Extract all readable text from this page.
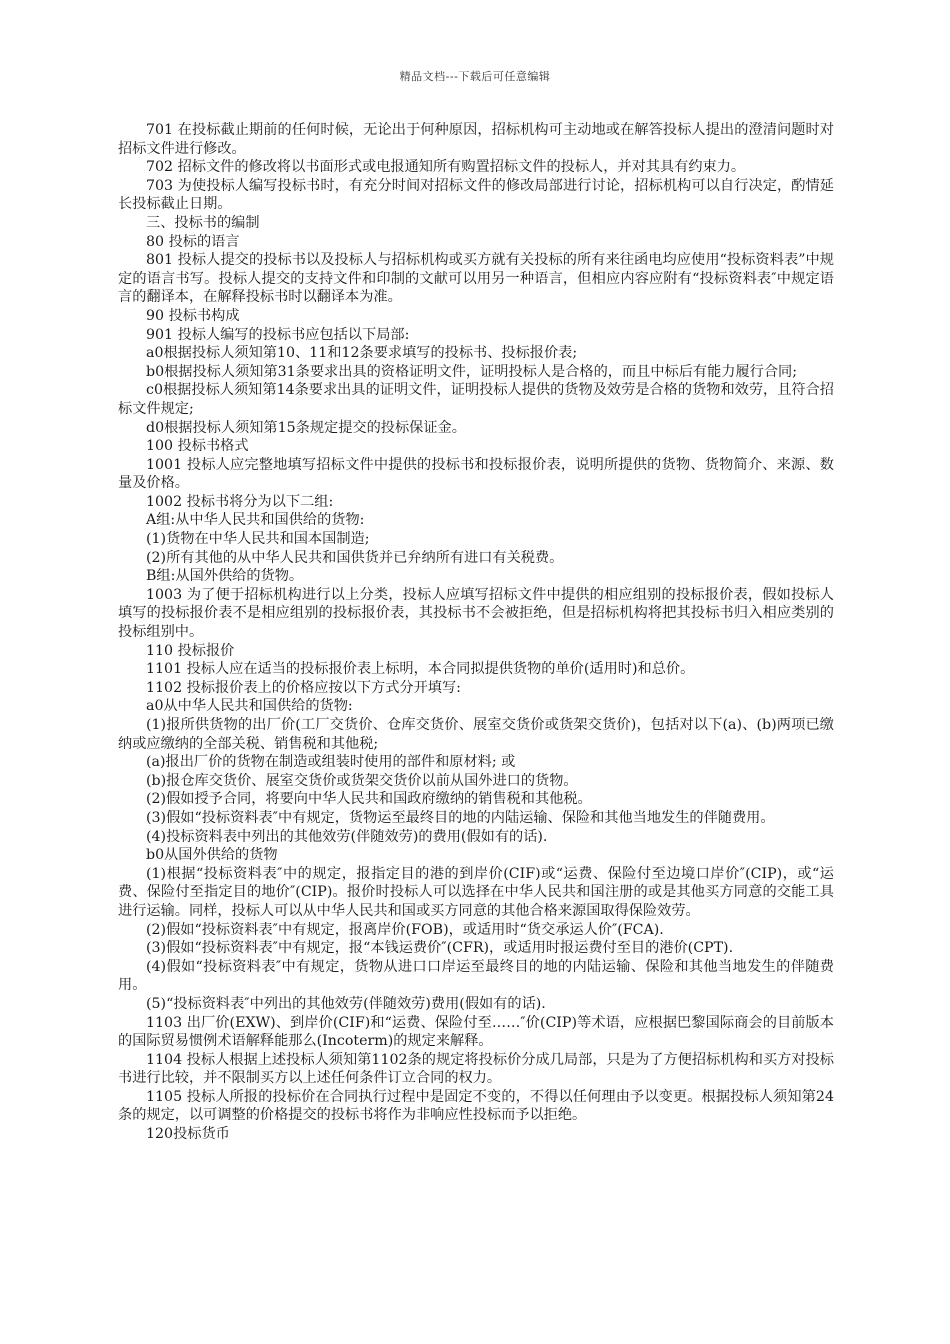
精品文档---下载后可任意编辑

701 在投标截止期前的任何时候，无论出于何种原因，招标机构可主动地或在解答投标人提出的澄清问题时对招标文件进行修改。

702 招标文件的修改将以书面形式或电报通知所有购置招标文件的投标人，并对其具有约束力。

703 为使投标人编写投标书时，有充分时间对招标文件的修改局部进行讨论，招标机构可以自行决定，酌情延长投标截止日期。

三、投标书的编制

80 投标的语言

801 投标人提交的投标书以及投标人与招标机构或买方就有关投标的所有来往函电均应使用“投标资料表”中规定的语言书写。投标人提交的支持文件和印制的文献可以用另一种语言，但相应内容应附有“投标资料表″中规定语言的翻译本，在解释投标书时以翻译本为准。

90 投标书构成

901 投标人编写的投标书应包括以下局部:

a0根据投标人须知第10、11和12条要求填写的投标书、投标报价表;

b0根据投标人须知第31条要求出具的资格证明文件，证明投标人是合格的，而且中标后有能力履行合同;

c0根据投标人须知第14条要求出具的证明文件，证明投标人提供的货物及效劳是合格的货物和效劳，且符合招标文件规定;

d0根据投标人须知第15条规定提交的投标保证金。

100 投标书格式

1001 投标人应完整地填写招标文件中提供的投标书和投标报价表，说明所提供的货物、货物简介、来源、数量及价格。

1002 投标书将分为以下二组:

A组:从中华人民共和国供给的货物:

(1)货物在中华人民共和国本国制造;

(2)所有其他的从中华人民共和国供货并已弁纳所有进口有关税费。

B组:从国外供给的货物。

1003 为了便于招标机构进行以上分类，投标人应填写招标文件中提供的相应组别的投标报价表，假如投标人填写的投标报价表不是相应组别的投标报价表，其投标书不会被拒绝，但是招标机构将把其投标书归入相应类别的投标组别中。

110 投标报价

1101 投标人应在适当的投标报价表上标明，本合同拟提供货物的单价(适用时)和总价。

1102 投标报价表上的价格应按以下方式分开填写:

a0从中华人民共和国供给的货物:

(1)报所供货物的出厂价(工厂交货价、仓库交货价、展室交货价或货架交货价)，包括对以下(a)、(b)两项已缴纳或应缴纳的全部关税、销售税和其他税;

(a)报出厂价的货物在制造或组装时使用的部件和原材料; 或

(b)报仓库交货价、展室交货价或货架交货价以前从国外进口的货物。

(2)假如授予合同，将要向中华人民共和国政府缴纳的销售税和其他税。

(3)假如“投标资料表″中有规定，货物运至最终目的地的内陆运输、保险和其他当地发生的伴随费用。

(4)投标资料表中列出的其他效劳(伴随效劳)的费用(假如有的话).

b0从国外供给的货物

(1)根据“投标资料表″中的规定，报指定目的港的到岸价(CIF)或“运费、保险付至边境口岸价″(CIP)，或“运费、保险付至指定目的地价″(CIP)。报价时投标人可以选择在中华人民共和国注册的或是其他买方同意的交能工具进行运输。同样，投标人可以从中华人民共和国或买方同意的其他合格来源国取得保险效劳。

(2)假如“投标资料表″中有规定，报离岸价(FOB)，或适用时“货交承运人价″(FCA).

(3)假如“投标资料表″中有规定，报“本钱运费价″(CFR)，或适用时报运费付至目的港价(CPT).

(4)假如“投标资料表″中有规定，货物从进口口岸运至最终目的地的内陆运输、保险和其他当地发生的伴随费用。

(5)“投标资料表″中列出的其他效劳(伴随效劳)费用(假如有的话).

1103 出厂价(EXW)、到岸价(CIF)和“运费、保险付至……″价(CIP)等术语，应根据巴黎国际商会的目前版本的国际贸易惯例术语解释能那么(Incoterm)的规定来解释。

1104 投标人根据上述投标人须知第1102条的规定将投标价分成几局部，只是为了方便招标机构和买方对投标书进行比较，并不限制买方以上述任何条件订立合同的权力。

1105 投标人所报的投标价在合同执行过程中是固定不变的，不得以任何理由予以变更。根据投标人须知第24条的规定，以可调整的价格提交的投标书将作为非响应性投标而予以拒绝。

120投标货币
